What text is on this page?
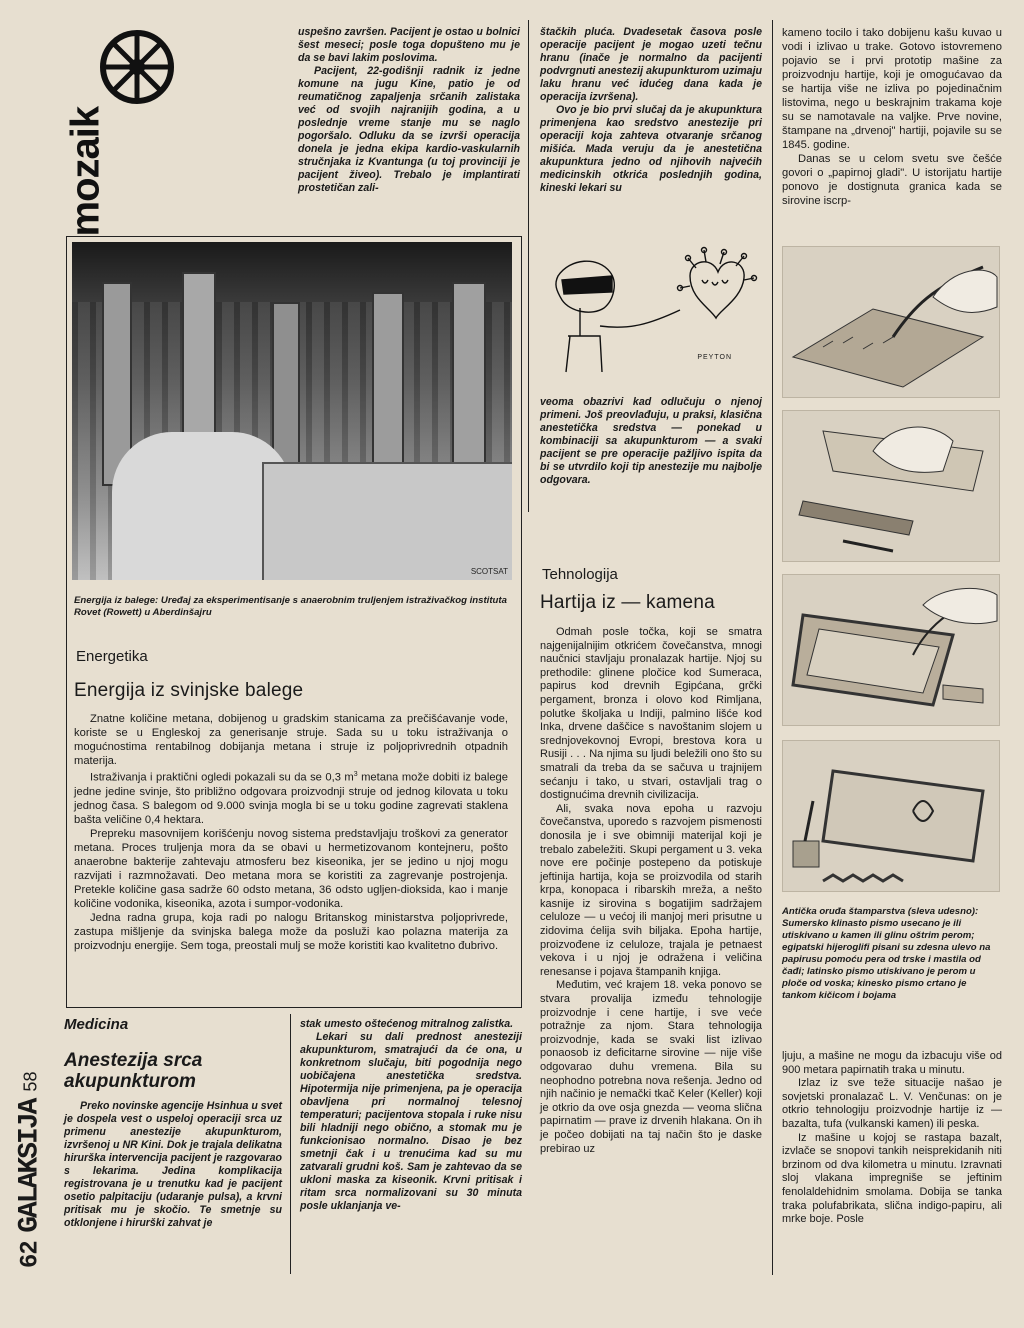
mozaik
62
GALAKSIJA
58

uspešno završen. Pacijent je ostao u bolnici šest meseci; posle toga dopušteno mu je da se bavi lakim poslovima.

Pacijent, 22-godišnji radnik iz jedne komune na jugu Kine, patio je od reumatičnog zapaljenja srčanih zalistaka već od svojih najranijih godina, a u poslednje vreme stanje mu se naglo pogoršalo. Odluku da se izvrši operacija donela je jedna ekipa kardio-vaskularnih stručnjaka iz Kvantunga (u toj provinciji je pacijent živeo). Trebalo je implantirati prostetičan zali-

štačkih pluća. Dvadesetak časova posle operacije pacijent je mogao uzeti tečnu hranu (inače je normalno da pacijenti podvrgnuti anestezij akupunkturom uzimaju laku hranu već idućeg dana kada je operacija izvršena).

Ovo je bio prvi slučaj da je akupunktura primenjena kao sredstvo anestezije pri operaciji koja zahteva otvaranje srčanog mišića. Mada veruju da je anestetična akupunktura jedno od njihovih najvećih medicinskih otkrića poslednjih godina, kineski lekari su

PEYTON

veoma obazrivi kad odlučuju o njenoj primeni. Još preovlađuju, u praksi, klasična anestetička sredstva — ponekad u kombinaciji sa akupunkturom — a svaki pacijent se pre operacije pažljivo ispita da bi se utvrdilo koji tip anestezije mu najbolje odgovara.

SCOTSAT
Energija iz balege: Uređaj za eksperimentisanje s anaerobnim truljenjem istraživačkog instituta Rovet (Rowett) u Aberdinšajru
Energetika
Energija iz svinjske balege

Znatne količine metana, dobijenog u gradskim stanicama za prečišćavanje vode, koriste se u Engleskoj za generisanje struje. Sada su u toku istraživanja o mogućnostima rentabilnog dobijanja metana i struje iz poljoprivrednih otpadnih materija.

Istraživanja i praktični ogledi pokazali su da se 0,3 $m^3$ metana može dobiti iz balege jedne jedine svinje, što približno odgovara proizvodnji struje od jednog kilovata u toku jednog časa. S balegom od 9.000 svinja mogla bi se u toku godine zagrevati staklena bašta veličine 0,4 hektara.

Prepreku masovnijem korišćenju novog sistema predstavljaju troškovi za generator metana. Proces truljenja mora da se obavi u hermetizovanom kontejneru, pošto anaerobne bakterije zahtevaju atmosferu bez kiseonika, jer se jedino u njoj mogu razvijati i razmnožavati. Deo metana mora se koristiti za zagrevanje postrojenja. Pretekle količine gasa sadrže 60 odsto metana, 36 odsto ugljen-dioksida, kao i manje količine vodonika, kiseonika, azota i sumpor-vodonika.

Jedna radna grupa, koja radi po nalogu Britanskog ministarstva poljoprivrede, zastupa mišljenje da svinjska balega može da posluži kao polazna materija za proizvodnju energije. Sem toga, preostali mulj se može koristiti kao kvalitetno đubrivo.

Medicina
Anestezija srca akupunkturom

Preko novinske agencije Hsinhua u svet je dospela vest o uspeloj operaciji srca uz primenu anestezije akupunkturom, izvršenoj u NR Kini. Dok je trajala delikatna hirurška intervencija pacijent je razgovarao s lekarima. Jedina komplikacija registrovana je u trenutku kad je pacijent osetio palpitaciju (udaranje pulsa), a krvni pritisak mu je skočio. Te smetnje su otklonjene i hirurški zahvat je

stak umesto oštećenog mitralnog zalistka.

Lekari su dali prednost anesteziji akupunkturom, smatrajući da će ona, u konkretnom slučaju, biti pogodnija nego uobičajena anestetička sredstva. Hipotermija nije primenjena, pa je operacija obavljena pri normalnoj telesnoj temperaturi; pacijentova stopala i ruke nisu bili hladniji nego obično, a stomak mu je funkcionisao normalno. Disao je bez smetnji čak i u trenućima kad su mu zatvarali grudni koš. Sam je zahtevao da se ukloni maska za kiseonik. Krvni pritisak i ritam srca normalizovani su 30 minuta posle uklanjanja ve-

kameno tocilo i tako dobijenu kašu kuvao u vodi i izlivao u trake. Gotovo istovremeno pojavio se i prvi prototip mašine za proizvodnju hartije, koji je omogućavao da se hartija više ne izliva po pojedinačnim listovima, nego u beskrajnim trakama koje su se namotavale na valjke. Prve novine, štampane na „drvenoj" hartiji, pojavile su se 1845. godine.

Danas se u celom svetu sve češće govori o „papirnoj gladi". U istorijatu hartije ponovo je dostignuta granica kada se sirovine iscrp-

Antička oruđa štamparstva (sleva udesno): Sumersko klinasto pismo usecano je ili utiskivano u kamen ili glinu oštrim perom; egipatski hijeroglifi pisani su zdesna ulevo na papirusu pomoću pera od trske i mastila od čađi; latinsko pismo utiskivano je perom u ploče od voska; kinesko pismo crtano je tankom kičicom i bojama
Tehnologija
Hartija iz — kamena

Odmah posle točka, koji se smatra najgenijalnijim otkrićem čovečanstva, mnogi naučnici stavljaju pronalazak hartije. Njoj su prethodile: glinene pločice kod Sumeraca, papirus kod drevnih Egipćana, grčki pergament, bronza i olovo kod Rimljana, polutke školjaka u Indiji, palmino lišće kod Inka, drvene daščice s navoštanim slojem u srednjovekovnoj Evropi, brestova kora u Rusiji . . . Na njima su ljudi beležili ono što su smatrali da treba da se sačuva u trajnijem sećanju i tako, u stvari, ostavljali trag o dostignućima drevnih civilizacija.

Ali, svaka nova epoha u razvoju čovečanstva, uporedo s razvojem pismenosti donosila je i sve obimniji materijal koji je trebalo zabeležiti. Skupi pergament u 3. veka nove ere počinje postepeno da potiskuje jeftinija hartija, koja se proizvodila od starih krpa, konopaca i ribarskih mreža, a nešto kasnije iz sirovina s bogatijim sadržajem celuloze — u većoj ili manjoj meri prisutne u zidovima ćelija svih biljaka. Epoha hartije, proizvođene iz celuloze, trajala je petnaest vekova i u njoj je odražena i veličina renesanse i pojava štampanih knjiga.

Međutim, već krajem 18. veka ponovo se stvara provalija između tehnologije proizvodnje i cene hartije, i sve veće potražnje za njom. Stara tehnologija proizvodnje, kada se svaki list izlivao ponaosob iz deficitarne sirovine — nije više odgovarao duhu vremena. Bila su neophodno potrebna nova rešenja. Jedno od njih načinio je nemački tkač Keler (Keller) koji je otkrio da ove osja gnezda — veoma slična papirnatim — prave iz drvenih hlakana. On ih je počeo dobijati na taj način što je daske prebirao uz

ljuju, a mašine ne mogu da izbacuju više od 900 metara papirnatih traka u minutu.

Izlaz iz sve teže situacije našao je sovjetski pronalazač L. V. Venčunas: on je otkrio tehnologiju proizvodnje hartije iz — bazalta, tufa (vulkanski kamen) ili peska.

Iz mašine u kojoj se rastapa bazalt, izvlače se snopovi tankih neisprekidanih niti brzinom od dva kilometra u minutu. Izravnati sloj vlakana impregniše se jeftinim fenolaldehidnim smolama. Dobija se tanka traka polufabrikata, slična indigo-papiru, ali mrke boje. Posle
